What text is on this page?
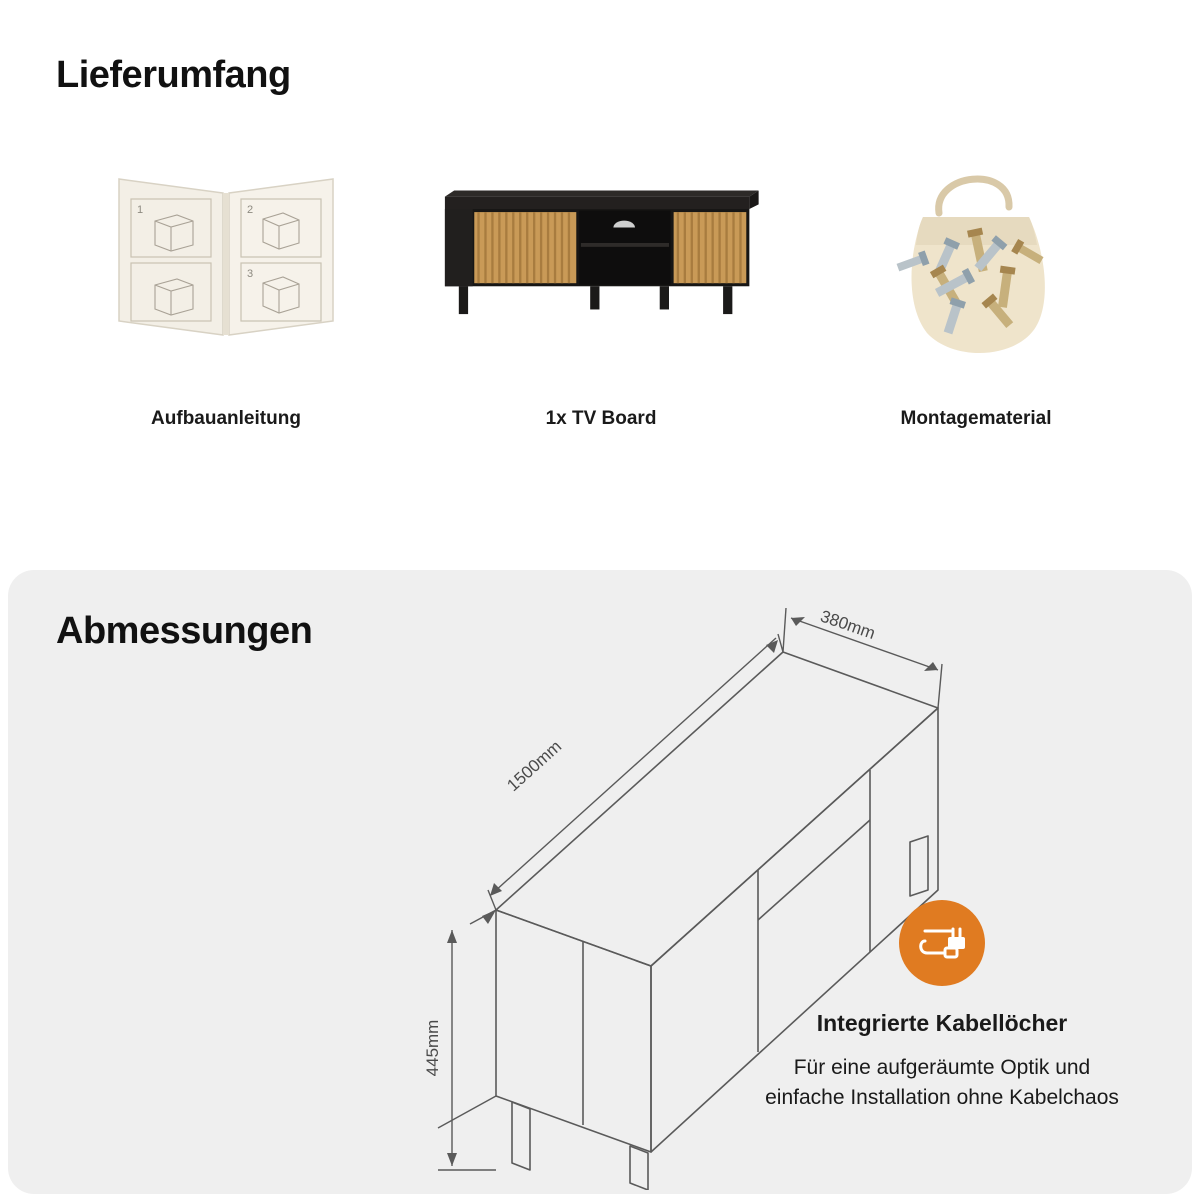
Lieferumfang
1	2
3
Aufbauanleitung	1x TV Board	Montagematerial
Abmessungen	380mm
1500mm
445mm	Integrierte Kabellöcher
Für eine aufgeräumte Optik und
einfache Installation ohne Kabelchaos
